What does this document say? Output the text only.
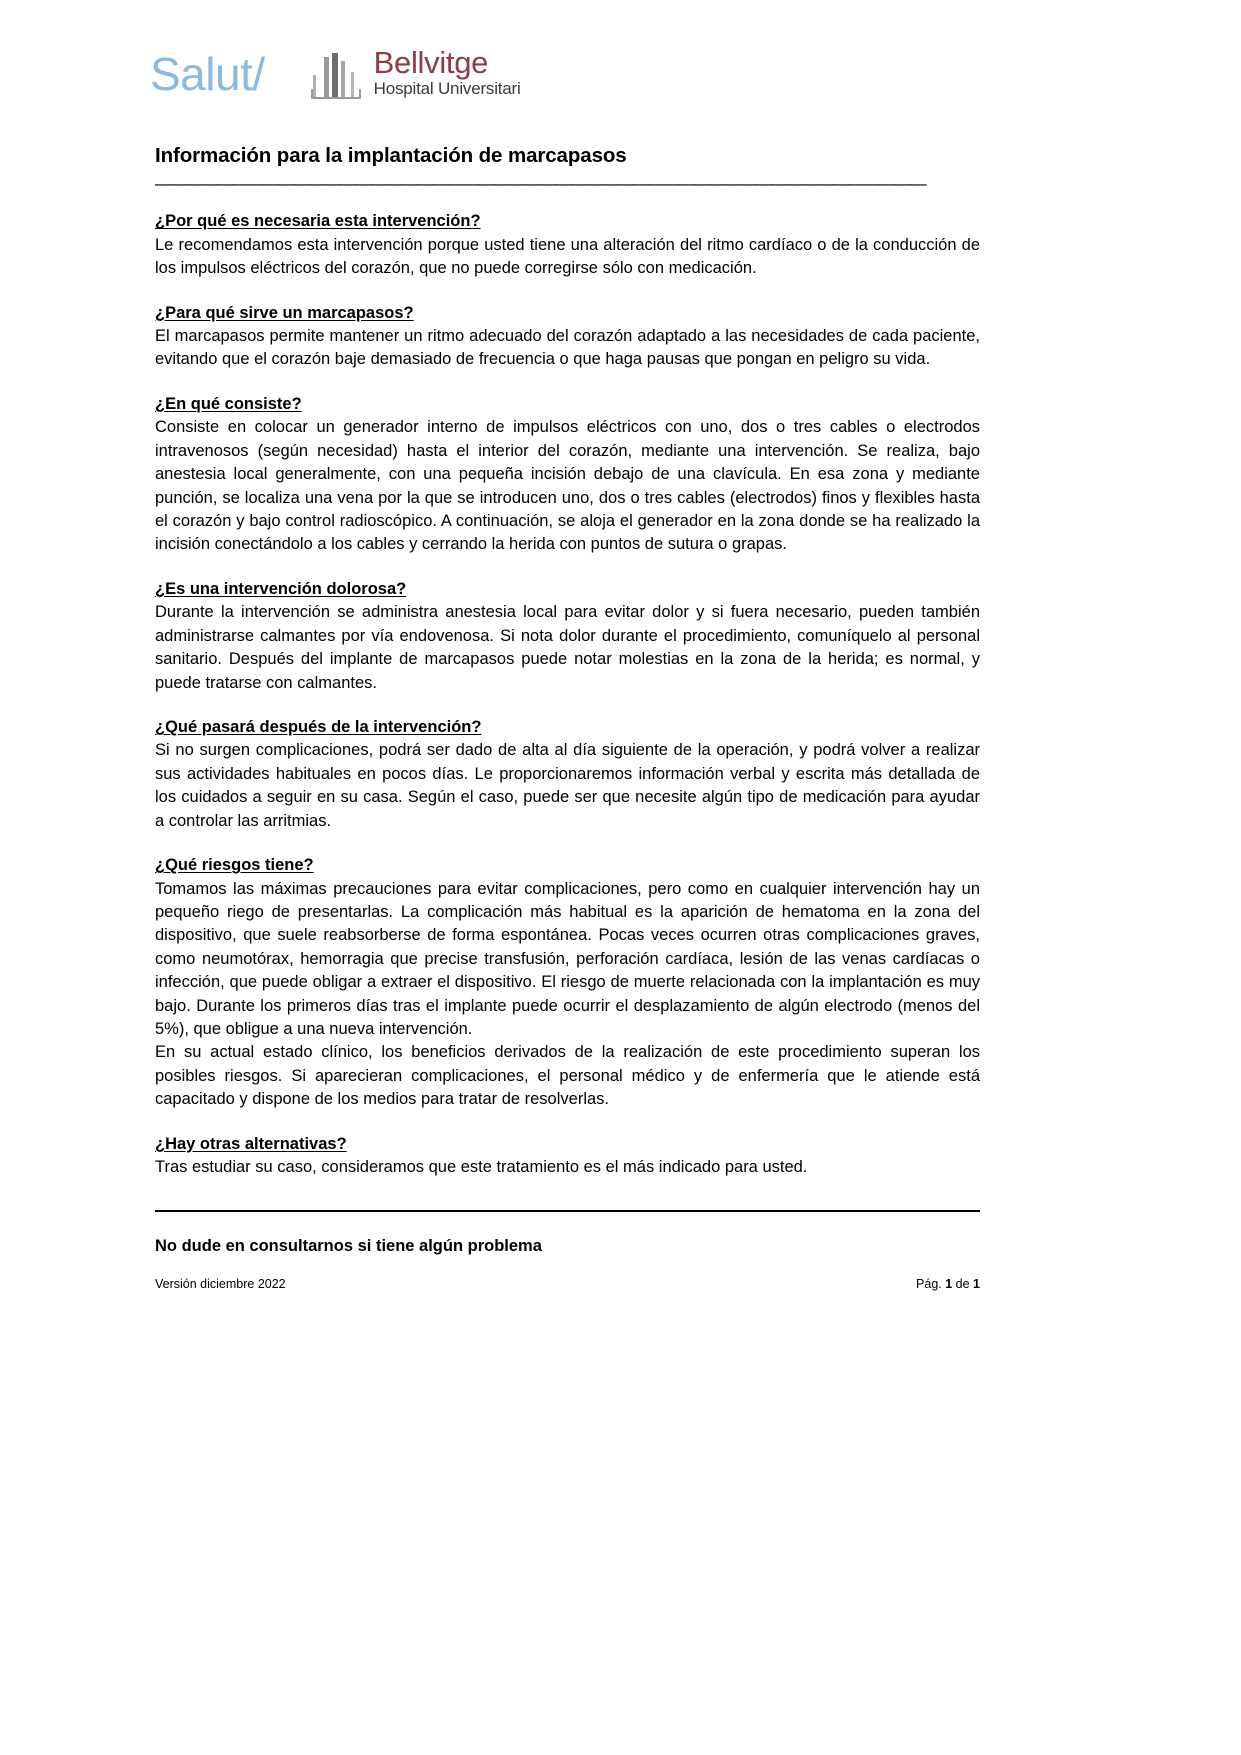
Salut/	Bellvitge
Hospital Universitari
Información para la implantación de marcapasos
——————————————————————————————————————————————————
¿Por qué es necesaria esta intervención?

Le recomendamos esta intervención porque usted tiene una alteración del ritmo cardíaco o de la conducción de los impulsos eléctricos del corazón, que no puede corregirse sólo con medicación.

¿Para qué sirve un marcapasos?

El marcapasos permite mantener un ritmo adecuado del corazón adaptado a las necesidades de cada paciente, evitando que el corazón baje demasiado de frecuencia o que haga pausas que pongan en peligro su vida.

¿En qué consiste?

Consiste en colocar un generador interno de impulsos eléctricos con uno, dos o tres cables o electrodos intravenosos (según necesidad) hasta el interior del corazón, mediante una intervención. Se realiza, bajo anestesia local generalmente, con una pequeña incisión debajo de una clavícula. En esa zona y mediante punción, se localiza una vena por la que se introducen uno, dos o tres cables (electrodos) finos y flexibles hasta el corazón y bajo control radioscópico. A continuación, se aloja el generador en la zona donde se ha realizado la incisión conectándolo a los cables y cerrando la herida con puntos de sutura o grapas.

¿Es una intervención dolorosa?

Durante la intervención se administra anestesia local para evitar dolor y si fuera necesario, pueden también administrarse calmantes por vía endovenosa. Si nota dolor durante el procedimiento, comuníquelo al personal sanitario. Después del implante de marcapasos puede notar molestias en la zona de la herida; es normal, y puede tratarse con calmantes.

¿Qué pasará después de la intervención?

Si no surgen complicaciones, podrá ser dado de alta al día siguiente de la operación, y podrá volver a realizar sus actividades habituales en pocos días. Le proporcionaremos información verbal y escrita más detallada de los cuidados a seguir en su casa. Según el caso, puede ser que necesite algún tipo de medicación para ayudar a controlar las arritmias.

¿Qué riesgos tiene?

Tomamos las máximas precauciones para evitar complicaciones, pero como en cualquier intervención hay un pequeño riego de presentarlas. La complicación más habitual es la aparición de hematoma en la zona del dispositivo, que suele reabsorberse de forma espontánea. Pocas veces ocurren otras complicaciones graves, como neumotórax, hemorragia que precise transfusión, perforación cardíaca, lesión de las venas cardíacas o infección, que puede obligar a extraer el dispositivo. El riesgo de muerte relacionada con la implantación es muy bajo. Durante los primeros días tras el implante puede ocurrir el desplazamiento de algún electrodo (menos del 5%), que obligue a una nueva intervención.

En su actual estado clínico, los beneficios derivados de la realización de este procedimiento superan los posibles riesgos. Si aparecieran complicaciones, el personal médico y de enfermería que le atiende está capacitado y dispone de los medios para tratar de resolverlas.

¿Hay otras alternativas?

Tras estudiar su caso, consideramos que este tratamiento es el más indicado para usted.

No dude en consultarnos si tiene algún problema
Versión diciembre 2022	Pág. 1 de 1
